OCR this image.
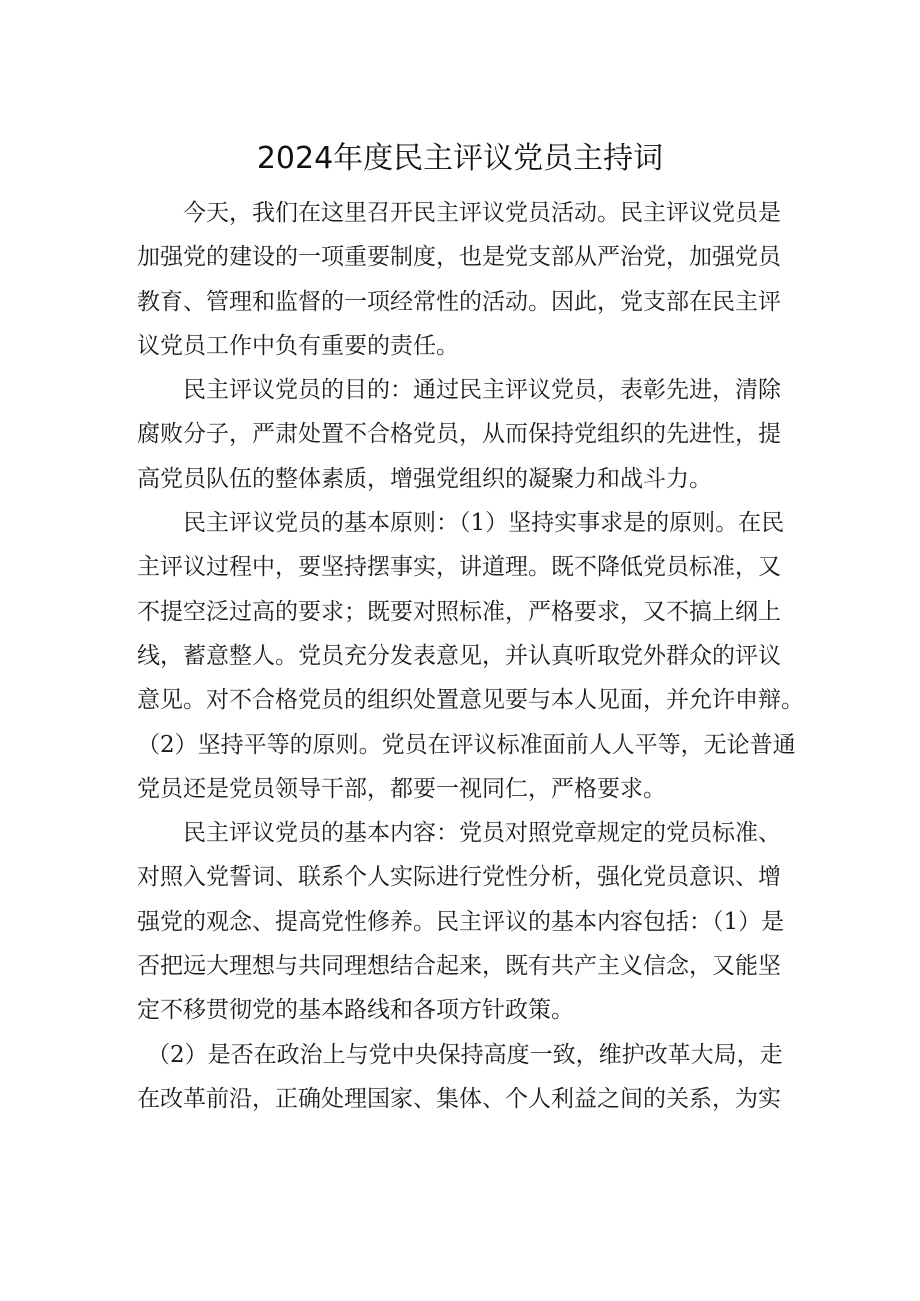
2024年度民主评议党员主持词
今天，我们在这里召开民主评议党员活动。民主评议党员是
加强党的建设的一项重要制度，也是党支部从严治党，加强党员
教育、管理和监督的一项经常性的活动。因此，党支部在民主评
议党员工作中负有重要的责任。
民主评议党员的目的：通过民主评议党员，表彰先进，清除
腐败分子，严肃处置不合格党员，从而保持党组织的先进性，提
高党员队伍的整体素质，增强党组织的凝聚力和战斗力。
民主评议党员的基本原则：（1）坚持实事求是的原则。在民
主评议过程中，要坚持摆事实，讲道理。既不降低党员标准，又
不提空泛过高的要求；既要对照标准，严格要求，又不搞上纲上
线，蓄意整人。党员充分发表意见，并认真听取党外群众的评议
意见。对不合格党员的组织处置意见要与本人见面，并允许申辩。
（2）坚持平等的原则。党员在评议标准面前人人平等，无论普通
党员还是党员领导干部，都要一视同仁，严格要求。
民主评议党员的基本内容：党员对照党章规定的党员标准、
对照入党誓词、联系个人实际进行党性分析，强化党员意识、增
强党的观念、提高党性修养。民主评议的基本内容包括：（1）是
否把远大理想与共同理想结合起来，既有共产主义信念，又能坚
定不移贯彻党的基本路线和各项方针政策。
（2）是否在政治上与党中央保持高度一致，维护改革大局，走
在改革前沿，正确处理国家、集体、个人利益之间的关系，为实
